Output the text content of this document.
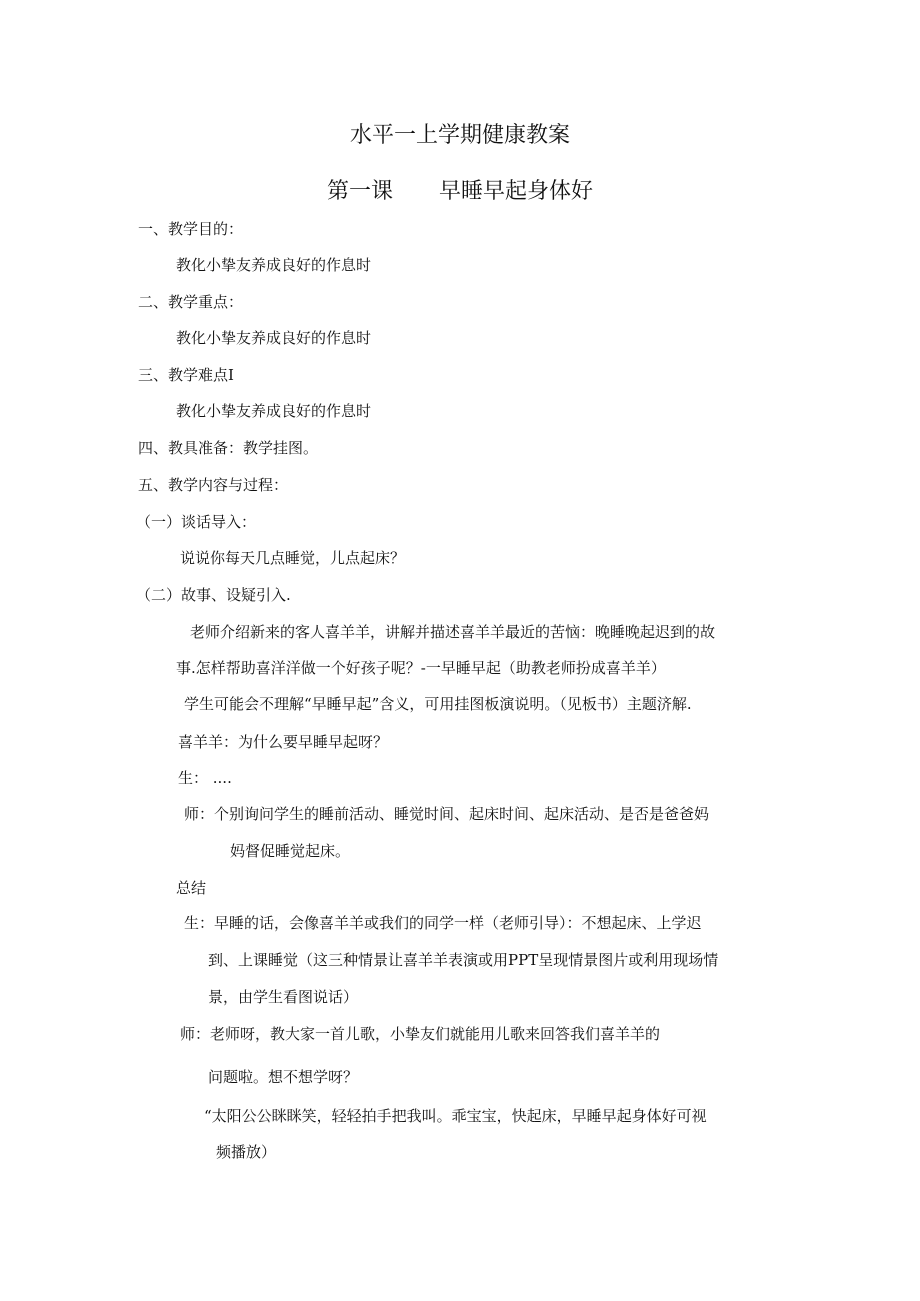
水平一上学期健康教案
第一课 早睡早起身体好
一、教学目的：
教化小挚友养成良好的作息时
二、教学重点：
教化小挚友养成良好的作息时
三、教学难点I
教化小挚友养成良好的作息时
四、教具准备：教学挂图。
五、教学内容与过程：
（一）谈话导入：
说说你每天几点睡觉，儿点起床？
（二）故事、设疑引入.
老师介绍新来的客人喜羊羊，讲解并描述喜羊羊最近的苦恼：晚睡晚起迟到的故
事.怎样帮助喜洋洋做一个好孩子呢？-一早睡早起（助教老师扮成喜羊羊）
学生可能会不理解“早睡早起”含义，可用挂图板演说明。（见板书）主题济解.
喜羊羊：为什么要早睡早起呀？
生： ....
师：个别询问学生的睡前活动、睡觉时间、起床时间、起床活动、是否是爸爸妈
妈督促睡觉起床。
总结
生：早睡的话，会像喜羊羊或我们的同学一样（老师引导）：不想起床、上学迟
到、上课睡觉（这三种情景让喜羊羊表演或用PPT呈现情景图片或利用现场情
景，由学生看图说话）
师：老师呀，教大家一首儿歌，小挚友们就能用儿歌来回答我们喜羊羊的
问题啦。想不想学呀？
“太阳公公眯眯笑，轻轻拍手把我叫。乖宝宝，快起床，早睡早起身体好可视
频播放）
